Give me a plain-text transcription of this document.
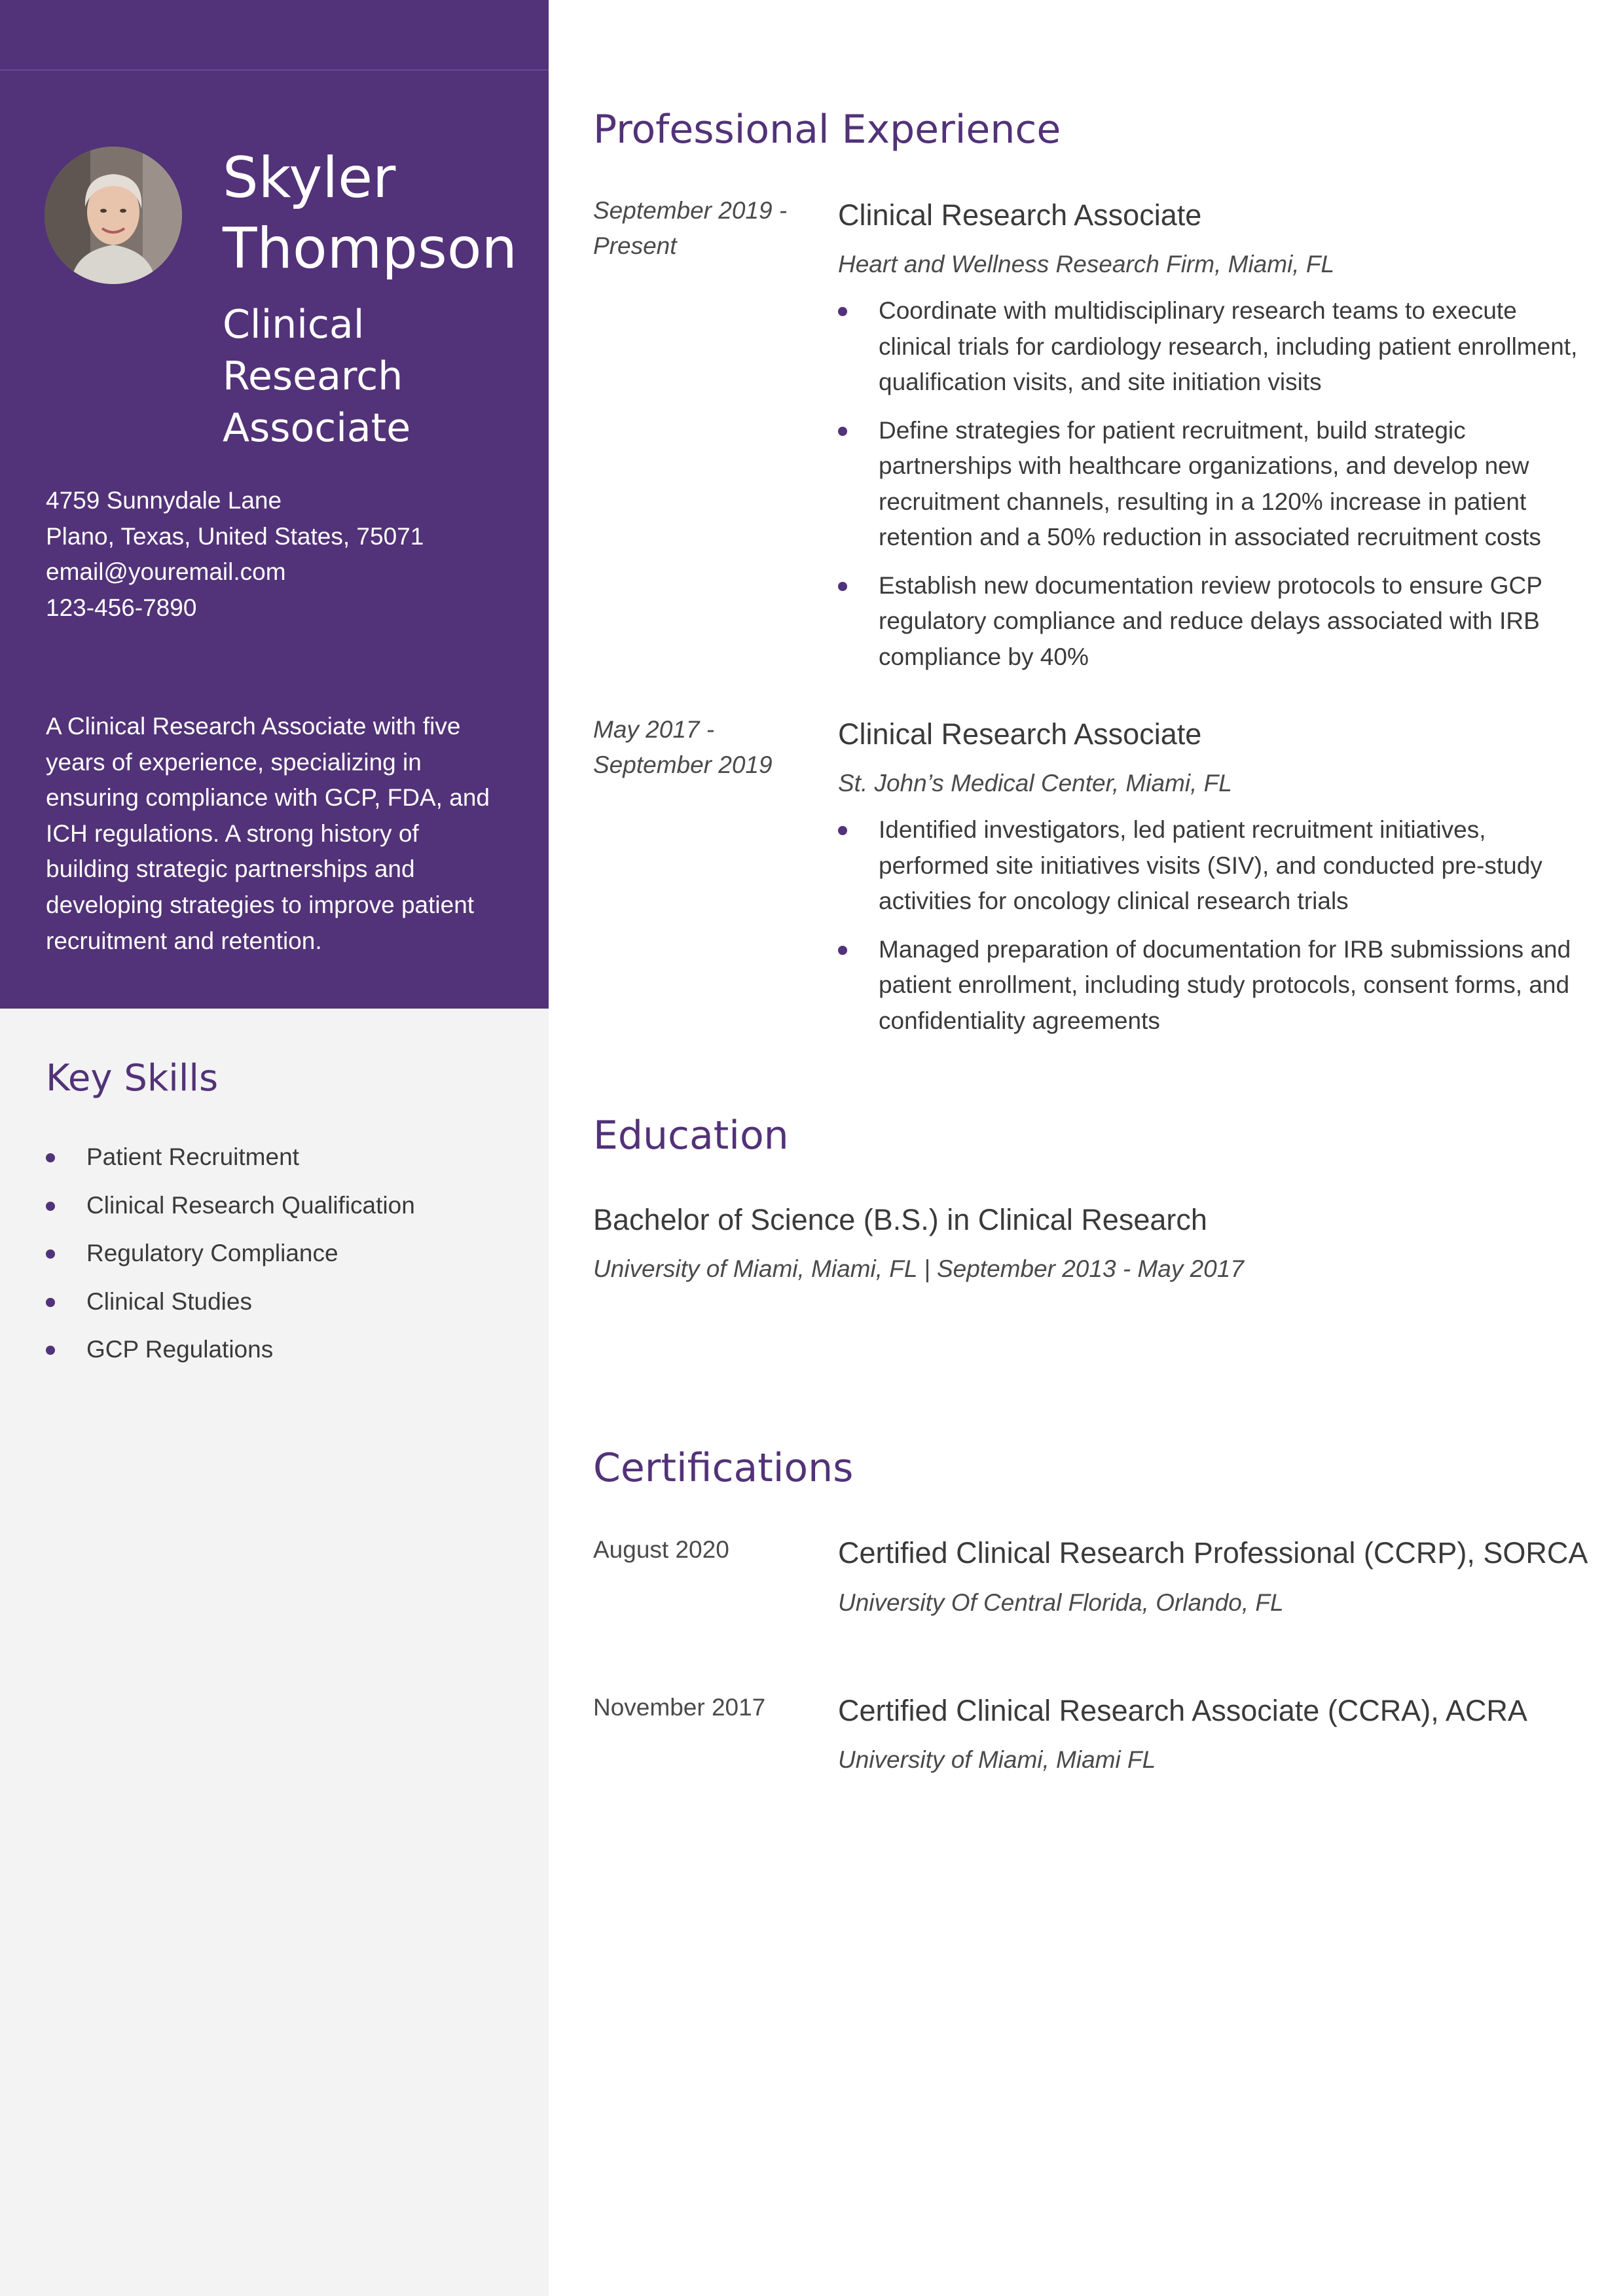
Skyler Thompson
Clinical Research Associate
4759 Sunnydale Lane
Plano, Texas, United States, 75071
email@youremail.com
123-456-7890

A Clinical Research Associate with five years of experience, specializing in ensuring compliance with GCP, FDA, and ICH regulations. A strong history of building strategic partnerships and developing strategies to improve patient recruitment and retention.

Key Skills
Patient Recruitment
Clinical Research Qualification
Regulatory Compliance
Clinical Studies
GCP Regulations
Professional Experience
September 2019 - Present
Clinical Research Associate
Heart and Wellness Research Firm, Miami, FL
Coordinate with multidisciplinary research teams to execute clinical trials for cardiology research, including patient enrollment, qualification visits, and site initiation visits
Define strategies for patient recruitment, build strategic partnerships with healthcare organizations, and develop new recruitment channels, resulting in a 120% increase in patient retention and a 50% reduction in associated recruitment costs
Establish new documentation review protocols to ensure GCP regulatory compliance and reduce delays associated with IRB compliance by 40%
May 2017 - September 2019
Clinical Research Associate
St. John’s Medical Center, Miami, FL
Identified investigators, led patient recruitment initiatives, performed site initiatives visits (SIV), and conducted pre-study activities for oncology clinical research trials
Managed preparation of documentation for IRB submissions and patient enrollment, including study protocols, consent forms, and confidentiality agreements
Education
Bachelor of Science (B.S.) in Clinical Research
University of Miami, Miami, FL | September 2013 - May 2017
Certifications
August 2020	Certified Clinical Research Professional (CCRP), SORCA
University Of Central Florida, Orlando, FL
November 2017	Certified Clinical Research Associate (CCRA), ACRA
University of Miami, Miami FL
